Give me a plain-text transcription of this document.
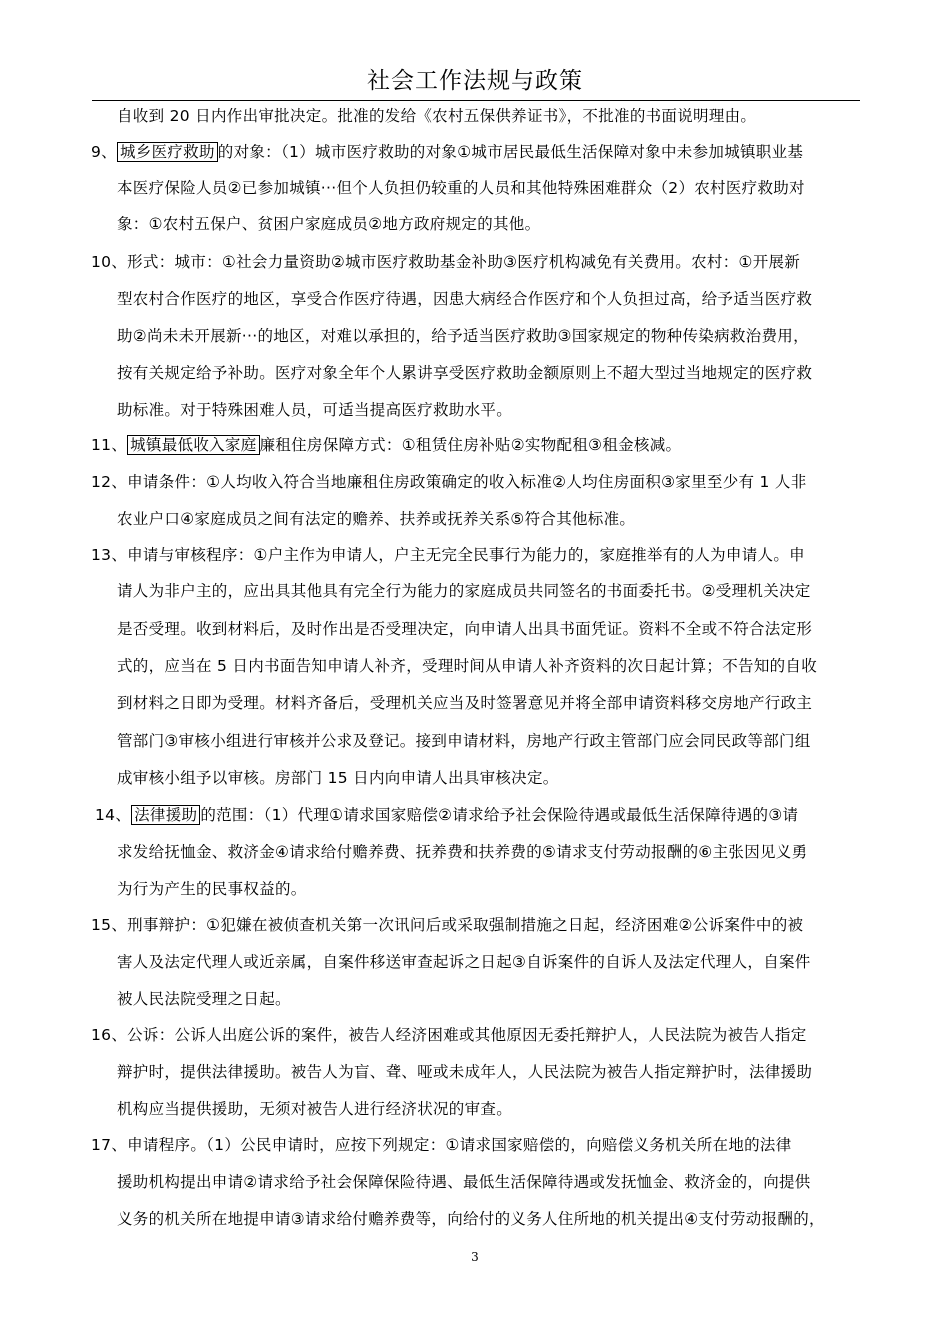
社会工作法规与政策
自收到 20 日内作出审批决定。批准的发给《农村五保供养证书》，不批准的书面说明理由。
9、 城乡医疗救助 的对象：（1）城市医疗救助的对象①城市居民最低生活保障对象中未参加城镇职业基
本医疗保险人员②已参加城镇···但个人负担仍较重的人员和其他特殊困难群众（2）农村医疗救助对
象：①农村五保户、贫困户家庭成员②地方政府规定的其他。
10、形式：城市：①社会力量资助②城市医疗救助基金补助③医疗机构减免有关费用。农村：①开展新
型农村合作医疗的地区，享受合作医疗待遇，因患大病经合作医疗和个人负担过高，给予适当医疗救
助②尚未未开展新···的地区，对难以承担的，给予适当医疗救助③国家规定的物种传染病救治费用，
按有关规定给予补助。医疗对象全年个人累讲享受医疗救助金额原则上不超大型过当地规定的医疗救
助标准。对于特殊困难人员，可适当提高医疗救助水平。
11、 城镇最低收入家庭 廉租住房保障方式：①租赁住房补贴②实物配租③租金核减。
12、申请条件：①人均收入符合当地廉租住房政策确定的收入标准②人均住房面积③家里至少有 1 人非
农业户口④家庭成员之间有法定的赡养、扶养或抚养关系⑤符合其他标准。
13、申请与审核程序：①户主作为申请人，户主无完全民事行为能力的，家庭推举有的人为申请人。申
请人为非户主的，应出具其他具有完全行为能力的家庭成员共同签名的书面委托书。②受理机关决定
是否受理。收到材料后，及时作出是否受理决定，向申请人出具书面凭证。资料不全或不符合法定形
式的，应当在 5 日内书面告知申请人补齐，受理时间从申请人补齐资料的次日起计算；不告知的自收
到材料之日即为受理。材料齐备后，受理机关应当及时签署意见并将全部申请资料移交房地产行政主
管部门③审核小组进行审核并公求及登记。接到申请材料，房地产行政主管部门应会同民政等部门组
成审核小组予以审核。房部门 15 日内向申请人出具审核决定。
14、 法律援助 的范围：（1）代理①请求国家赔偿②请求给予社会保险待遇或最低生活保障待遇的③请
求发给抚恤金、救济金④请求给付赡养费、抚养费和扶养费的⑤请求支付劳动报酬的⑥主张因见义勇
为行为产生的民事权益的。
15、刑事辩护：①犯嫌在被侦查机关第一次讯问后或采取强制措施之日起，经济困难②公诉案件中的被
害人及法定代理人或近亲属，自案件移送审查起诉之日起③自诉案件的自诉人及法定代理人，自案件
被人民法院受理之日起。
16、公诉：公诉人出庭公诉的案件，被告人经济困难或其他原因无委托辩护人，人民法院为被告人指定
辩护时，提供法律援助。被告人为盲、聋、哑或未成年人，人民法院为被告人指定辩护时，法律援助
机构应当提供援助，无须对被告人进行经济状况的审查。
17、申请程序。（1）公民申请时，应按下列规定：①请求国家赔偿的，向赔偿义务机关所在地的法律
援助机构提出申请②请求给予社会保障保险待遇、最低生活保障待遇或发抚恤金、救济金的，向提供
义务的机关所在地提申请③请求给付赡养费等，向给付的义务人住所地的机关提出④支付劳动报酬的，
3
